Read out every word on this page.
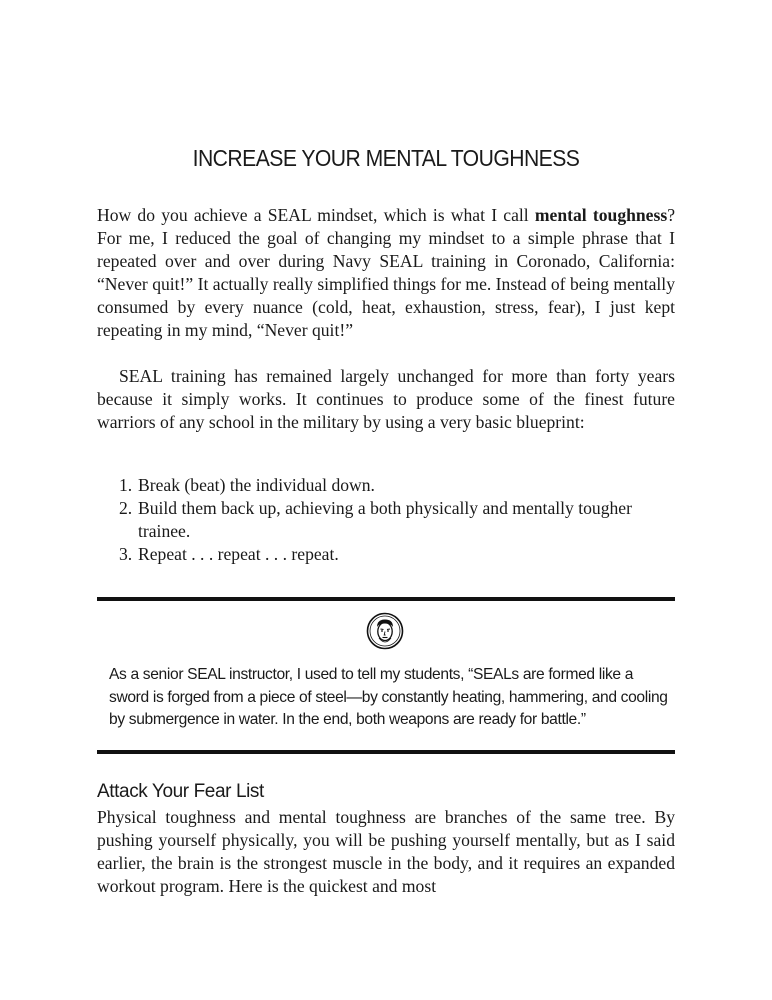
INCREASE YOUR MENTAL TOUGHNESS

How do you achieve a SEAL mindset, which is what I call mental toughness? For me, I reduced the goal of changing my mindset to a simple phrase that I repeated over and over during Navy SEAL training in Coronado, California: “Never quit!” It actually really simplified things for me. Instead of being mentally consumed by every nuance (cold, heat, exhaustion, stress, fear), I just kept repeating in my mind, “Never quit!”

SEAL training has remained largely unchanged for more than forty years because it simply works. It continues to produce some of the finest future warriors of any school in the military by using a very basic blueprint:

1. Break (beat) the individual down.
2. Build them back up, achieving a both physically and mentally tougher trainee.
3. Repeat . . . repeat . . . repeat.

As a senior SEAL instructor, I used to tell my students, “SEALs are formed like a sword is forged from a piece of steel—by constantly heating, hammering, and cooling by submergence in water. In the end, both weapons are ready for battle.”

Attack Your Fear List

Physical toughness and mental toughness are branches of the same tree. By pushing yourself physically, you will be pushing yourself mentally, but as I said earlier, the brain is the strongest muscle in the body, and it requires an expanded workout program. Here is the quickest and most
